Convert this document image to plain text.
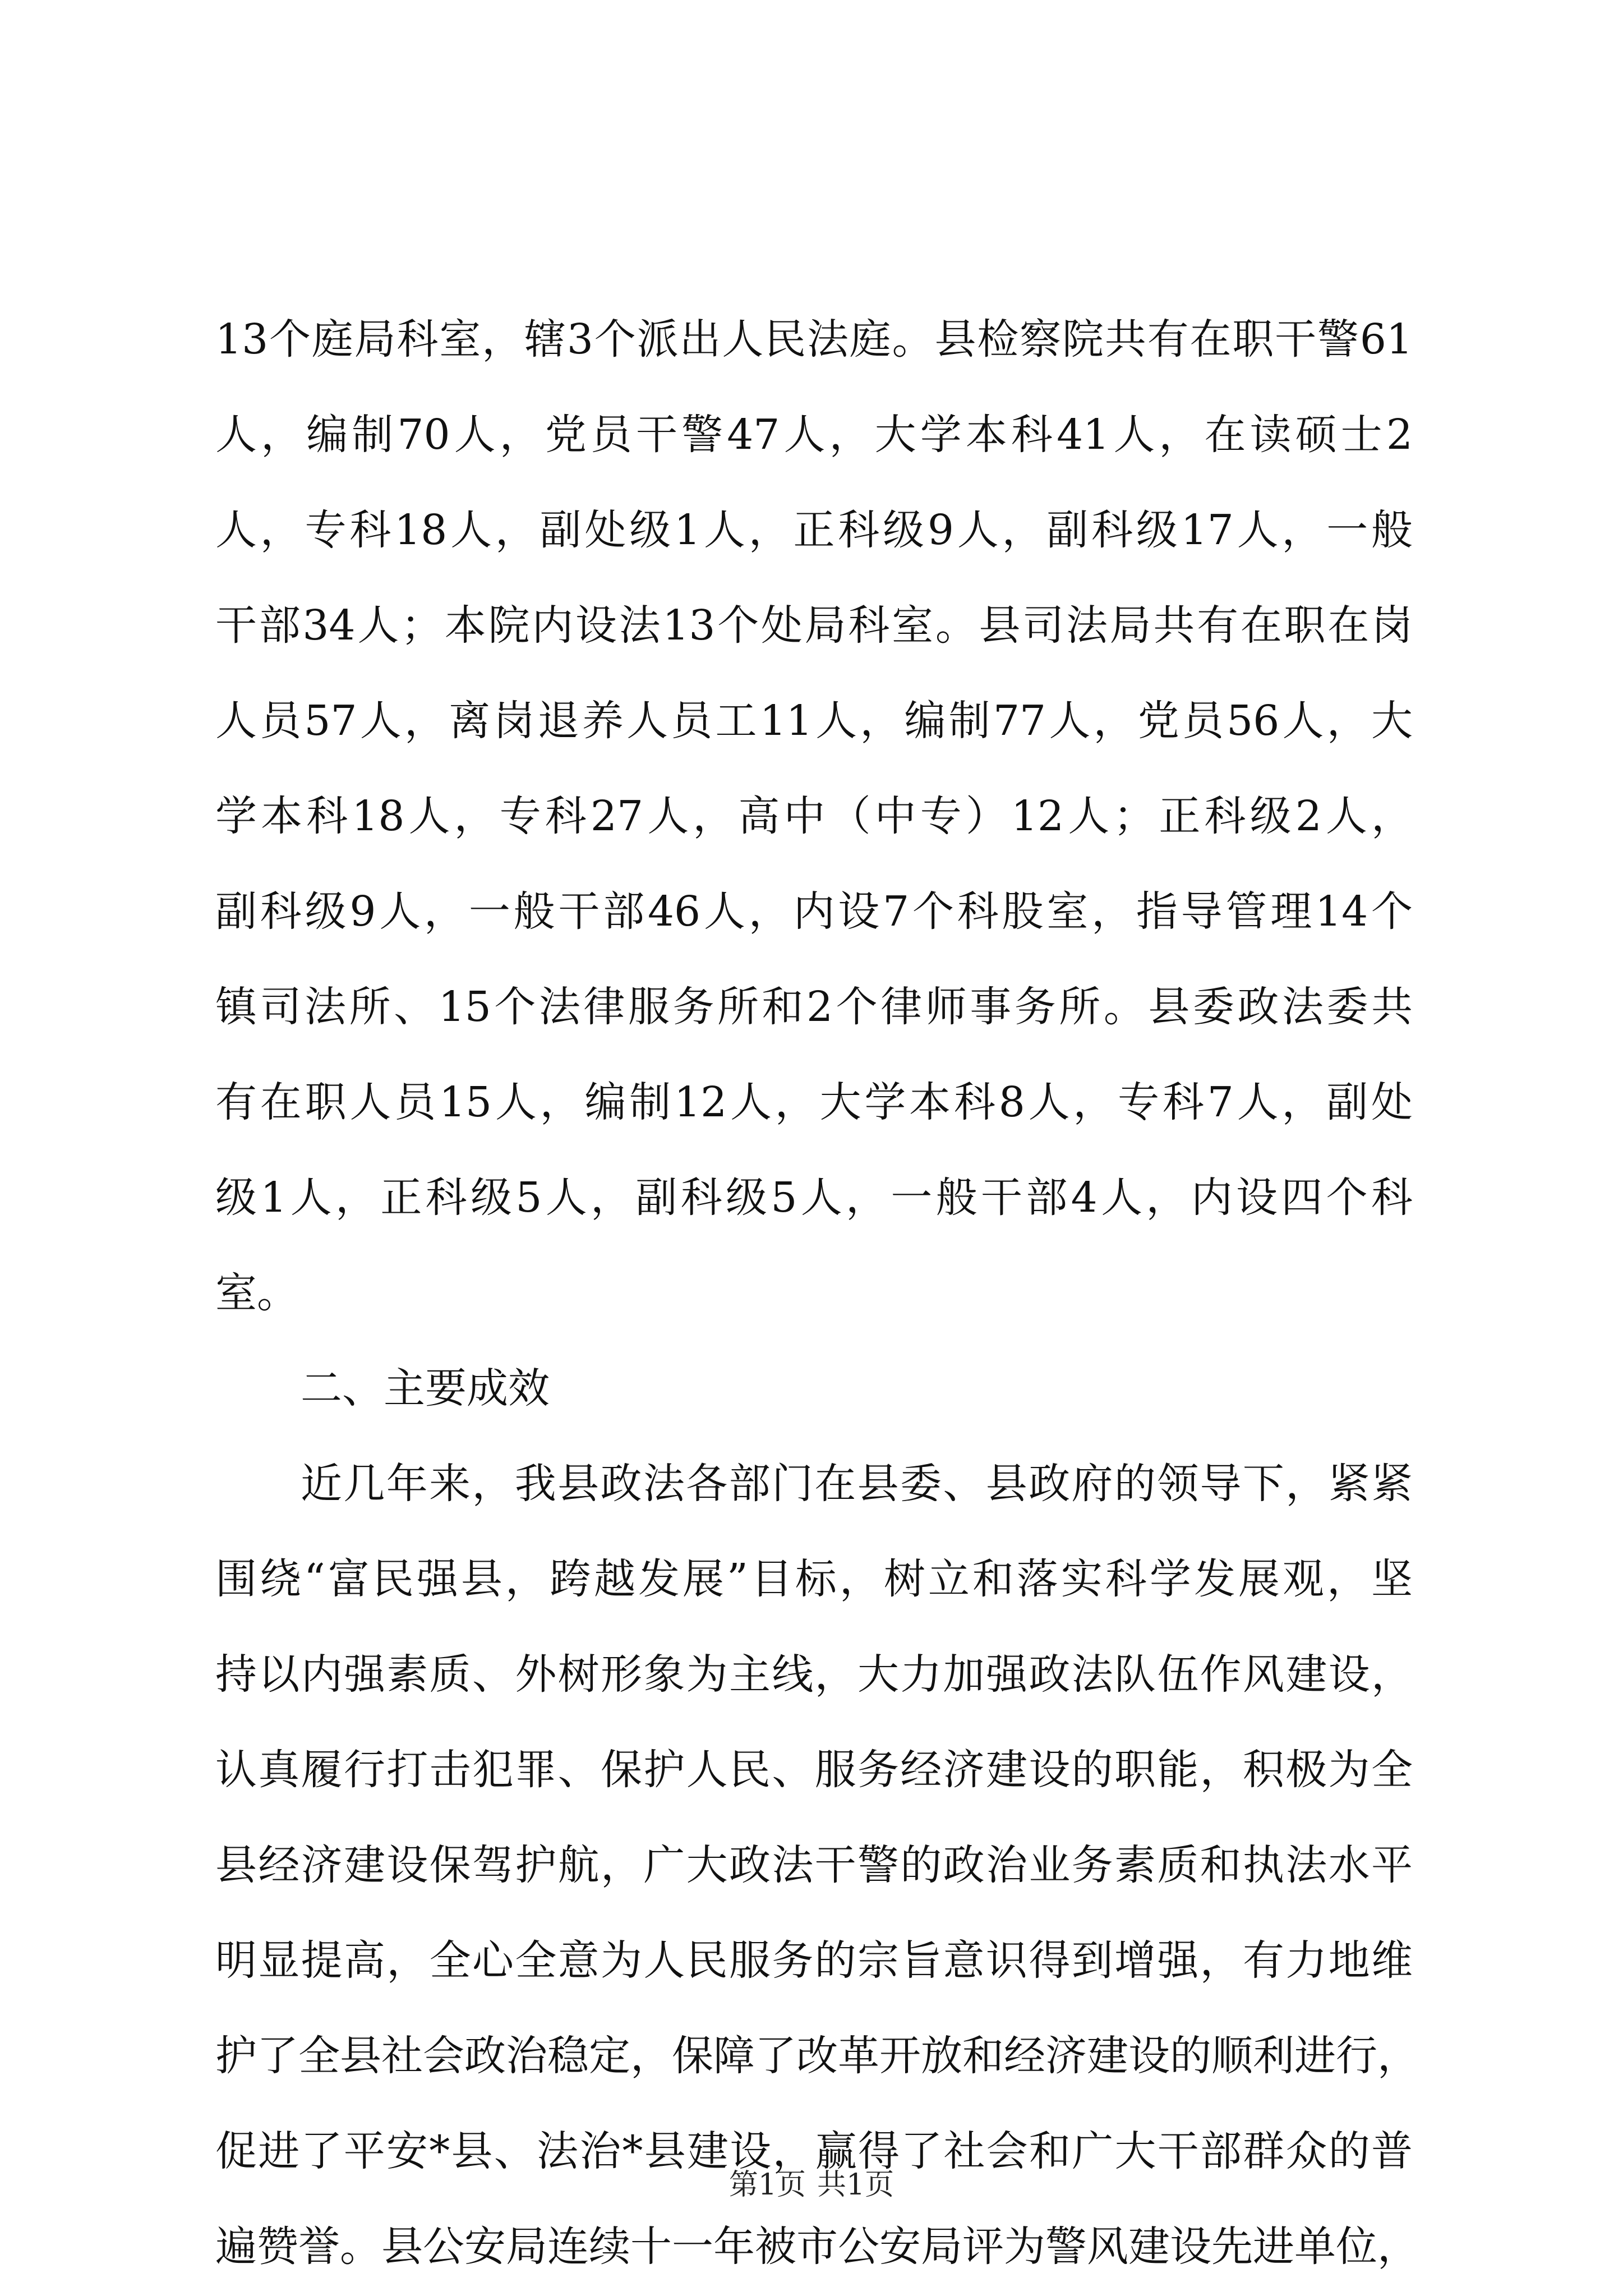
13个庭局科室，辖3个派出人民法庭。县检察院共有在职干警61
人，编制70人，党员干警47人，大学本科41人，在读硕士2
人，专科18人，副处级1人，正科级9人，副科级17人，一般
干部34人；本院内设法13个处局科室。县司法局共有在职在岗
人员57人，离岗退养人员工11人，编制77人，党员56人，大
学本科18人，专科27人，高中（中专）12人；正科级2人，
副科级9人，一般干部46人，内设7个科股室，指导管理14个
镇司法所、15个法律服务所和2个律师事务所。县委政法委共
有在职人员15人，编制12人，大学本科8人，专科7人，副处
级1人，正科级5人，副科级5人，一般干部4人，内设四个科
室。
二、主要成效
近几年来，我县政法各部门在县委、县政府的领导下，紧紧
围绕“富民强县，跨越发展”目标，树立和落实科学发展观，坚
持以内强素质、外树形象为主线，大力加强政法队伍作风建设，
认真履行打击犯罪、保护人民、服务经济建设的职能，积极为全
县经济建设保驾护航，广大政法干警的政治业务素质和执法水平
明显提高，全心全意为人民服务的宗旨意识得到增强，有力地维
护了全县社会政治稳定，保障了改革开放和经济建设的顺利进行，
促进了平安*县、法治*县建设，赢得了社会和广大干部群众的普
遍赞誉。县公安局连续十一年被市公安局评为警风建设先进单位，
第1页 共1页
